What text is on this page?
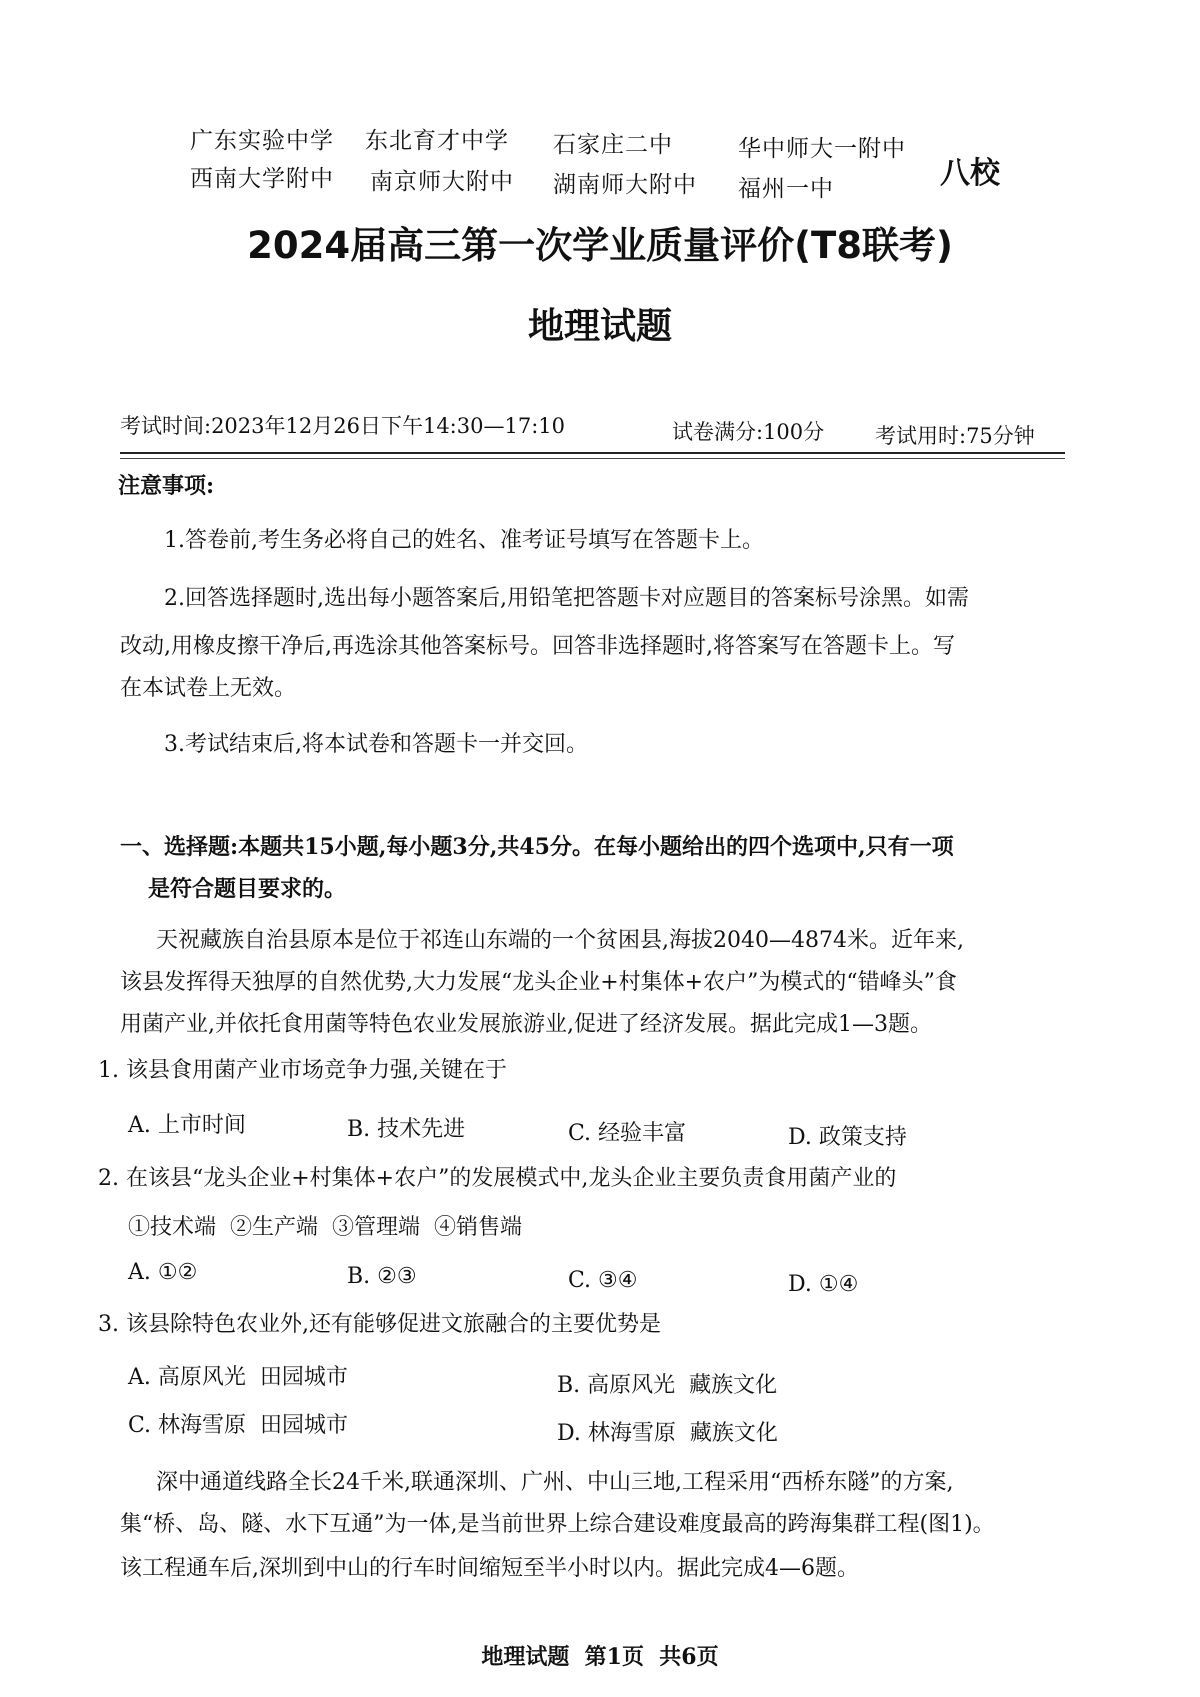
广东实验中学 东北育才中学 石家庄二中	华中师大一附中
西南大学附中 南京师大附中 湖南师大附中 福州一中	八校
2024届高三第一次学业质量评价(T8联考)
地理试题
考试时间:2023年12月26日下午14:30—17:10	试卷满分:100分 考试用时:75分钟
注意事项:
1.答卷前,考生务必将自己的姓名、准考证号填写在答题卡上。
2.回答选择题时,选出每小题答案后,用铅笔把答题卡对应题目的答案标号涂黑。如需
改动,用橡皮擦干净后,再选涂其他答案标号。回答非选择题时,将答案写在答题卡上。写
在本试卷上无效。
3.考试结束后,将本试卷和答题卡一并交回。
一、选择题:本题共15小题,每小题3分,共45分。在每小题给出的四个选项中,只有一项
是符合题目要求的。
天祝藏族自治县原本是位于祁连山东端的一个贫困县,海拔2040—4874米。近年来,
该县发挥得天独厚的自然优势,大力发展“龙头企业+村集体+农户”为模式的“错峰头”食
用菌产业,并依托食用菌等特色农业发展旅游业,促进了经济发展。据此完成1—3题。
1. 该县食用菌产业市场竞争力强,关键在于
A. 上市时间	B. 技术先进	C. 经验丰富	D. 政策支持
2. 在该县“龙头企业+村集体+农户”的发展模式中,龙头企业主要负责食用菌产业的
①技术端  ②生产端  ③管理端  ④销售端
A. ①②	B. ②③	C. ③④	D. ①④
3. 该县除特色农业外,还有能够促进文旅融合的主要优势是
A. 高原风光  田园城市	B. 高原风光  藏族文化
C. 林海雪原  田园城市	D. 林海雪原  藏族文化
深中通道线路全长24千米,联通深圳、广州、中山三地,工程采用“西桥东隧”的方案,
集“桥、岛、隧、水下互通”为一体,是当前世界上综合建设难度最高的跨海集群工程(图1)。
该工程通车后,深圳到中山的行车时间缩短至半小时以内。据此完成4—6题。
地理试题  第1页  共6页
